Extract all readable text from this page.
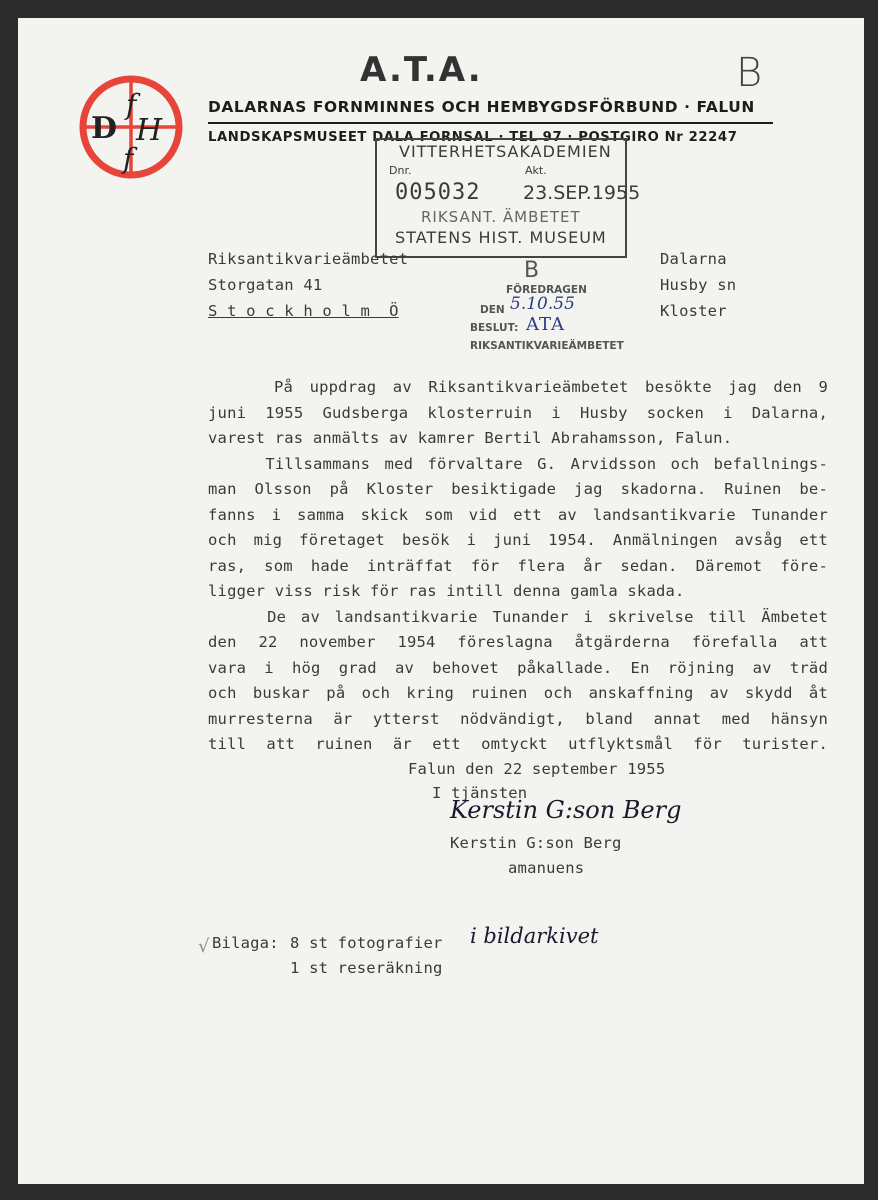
B
D
f
H
f
A.T.A.
DALARNAS FORNMINNES OCH HEMBYGDSFÖRBUND · FALUN
LANDSKAPSMUSEET DALA FORNSAL · TEL 97 · POSTGIRO Nr 22247

VITTERHETSAKADEMIEN

Dnr.

	Akt.

005032

23.SEP.1955

RIKSANT. ÄMBETET

STATENS HIST. MUSEUM

Riksantikvarieämbetet
Storgatan 41
S t o c k h o l m  Ö
Dalarna
Husby sn
Kloster
B
FÖREDRAGEN
DEN 5.10.55
BESLUT: ATA
RIKSANTIKVARIEÄMBETET
På uppdrag av Riksantikvarieämbetet besökte jag den 9
juni 1955 Gudsberga klosterruin i Husby socken i Dalarna,
varest ras anmälts av kamrer Bertil Abrahamsson, Falun.
Tillsammans med förvaltare G. Arvidsson och befallnings-
man Olsson på Kloster besiktigade jag skadorna. Ruinen be-
fanns i samma skick som vid ett av landsantikvarie Tunander
och mig företaget besök i juni 1954. Anmälningen avsåg ett
ras, som hade inträffat för flera år sedan. Däremot före-
ligger viss risk för ras intill denna gamla skada.
De av landsantikvarie Tunander i skrivelse till Ämbetet
den 22 november 1954 föreslagna åtgärderna förefalla att
vara i hög grad av behovet påkallade. En röjning av träd
och buskar på och kring ruinen och anskaffning av skydd åt
murresterna är ytterst nödvändigt, bland annat med hänsyn
till att ruinen är ett omtyckt utflyktsmål för turister.
Falun den 22 september 1955
I tjänsten
Kerstin G:son Berg
Kerstin G:son Berg
amanuens
√ Bilaga: 8 st fotografier i bildarkivet
1 st reseräkning
